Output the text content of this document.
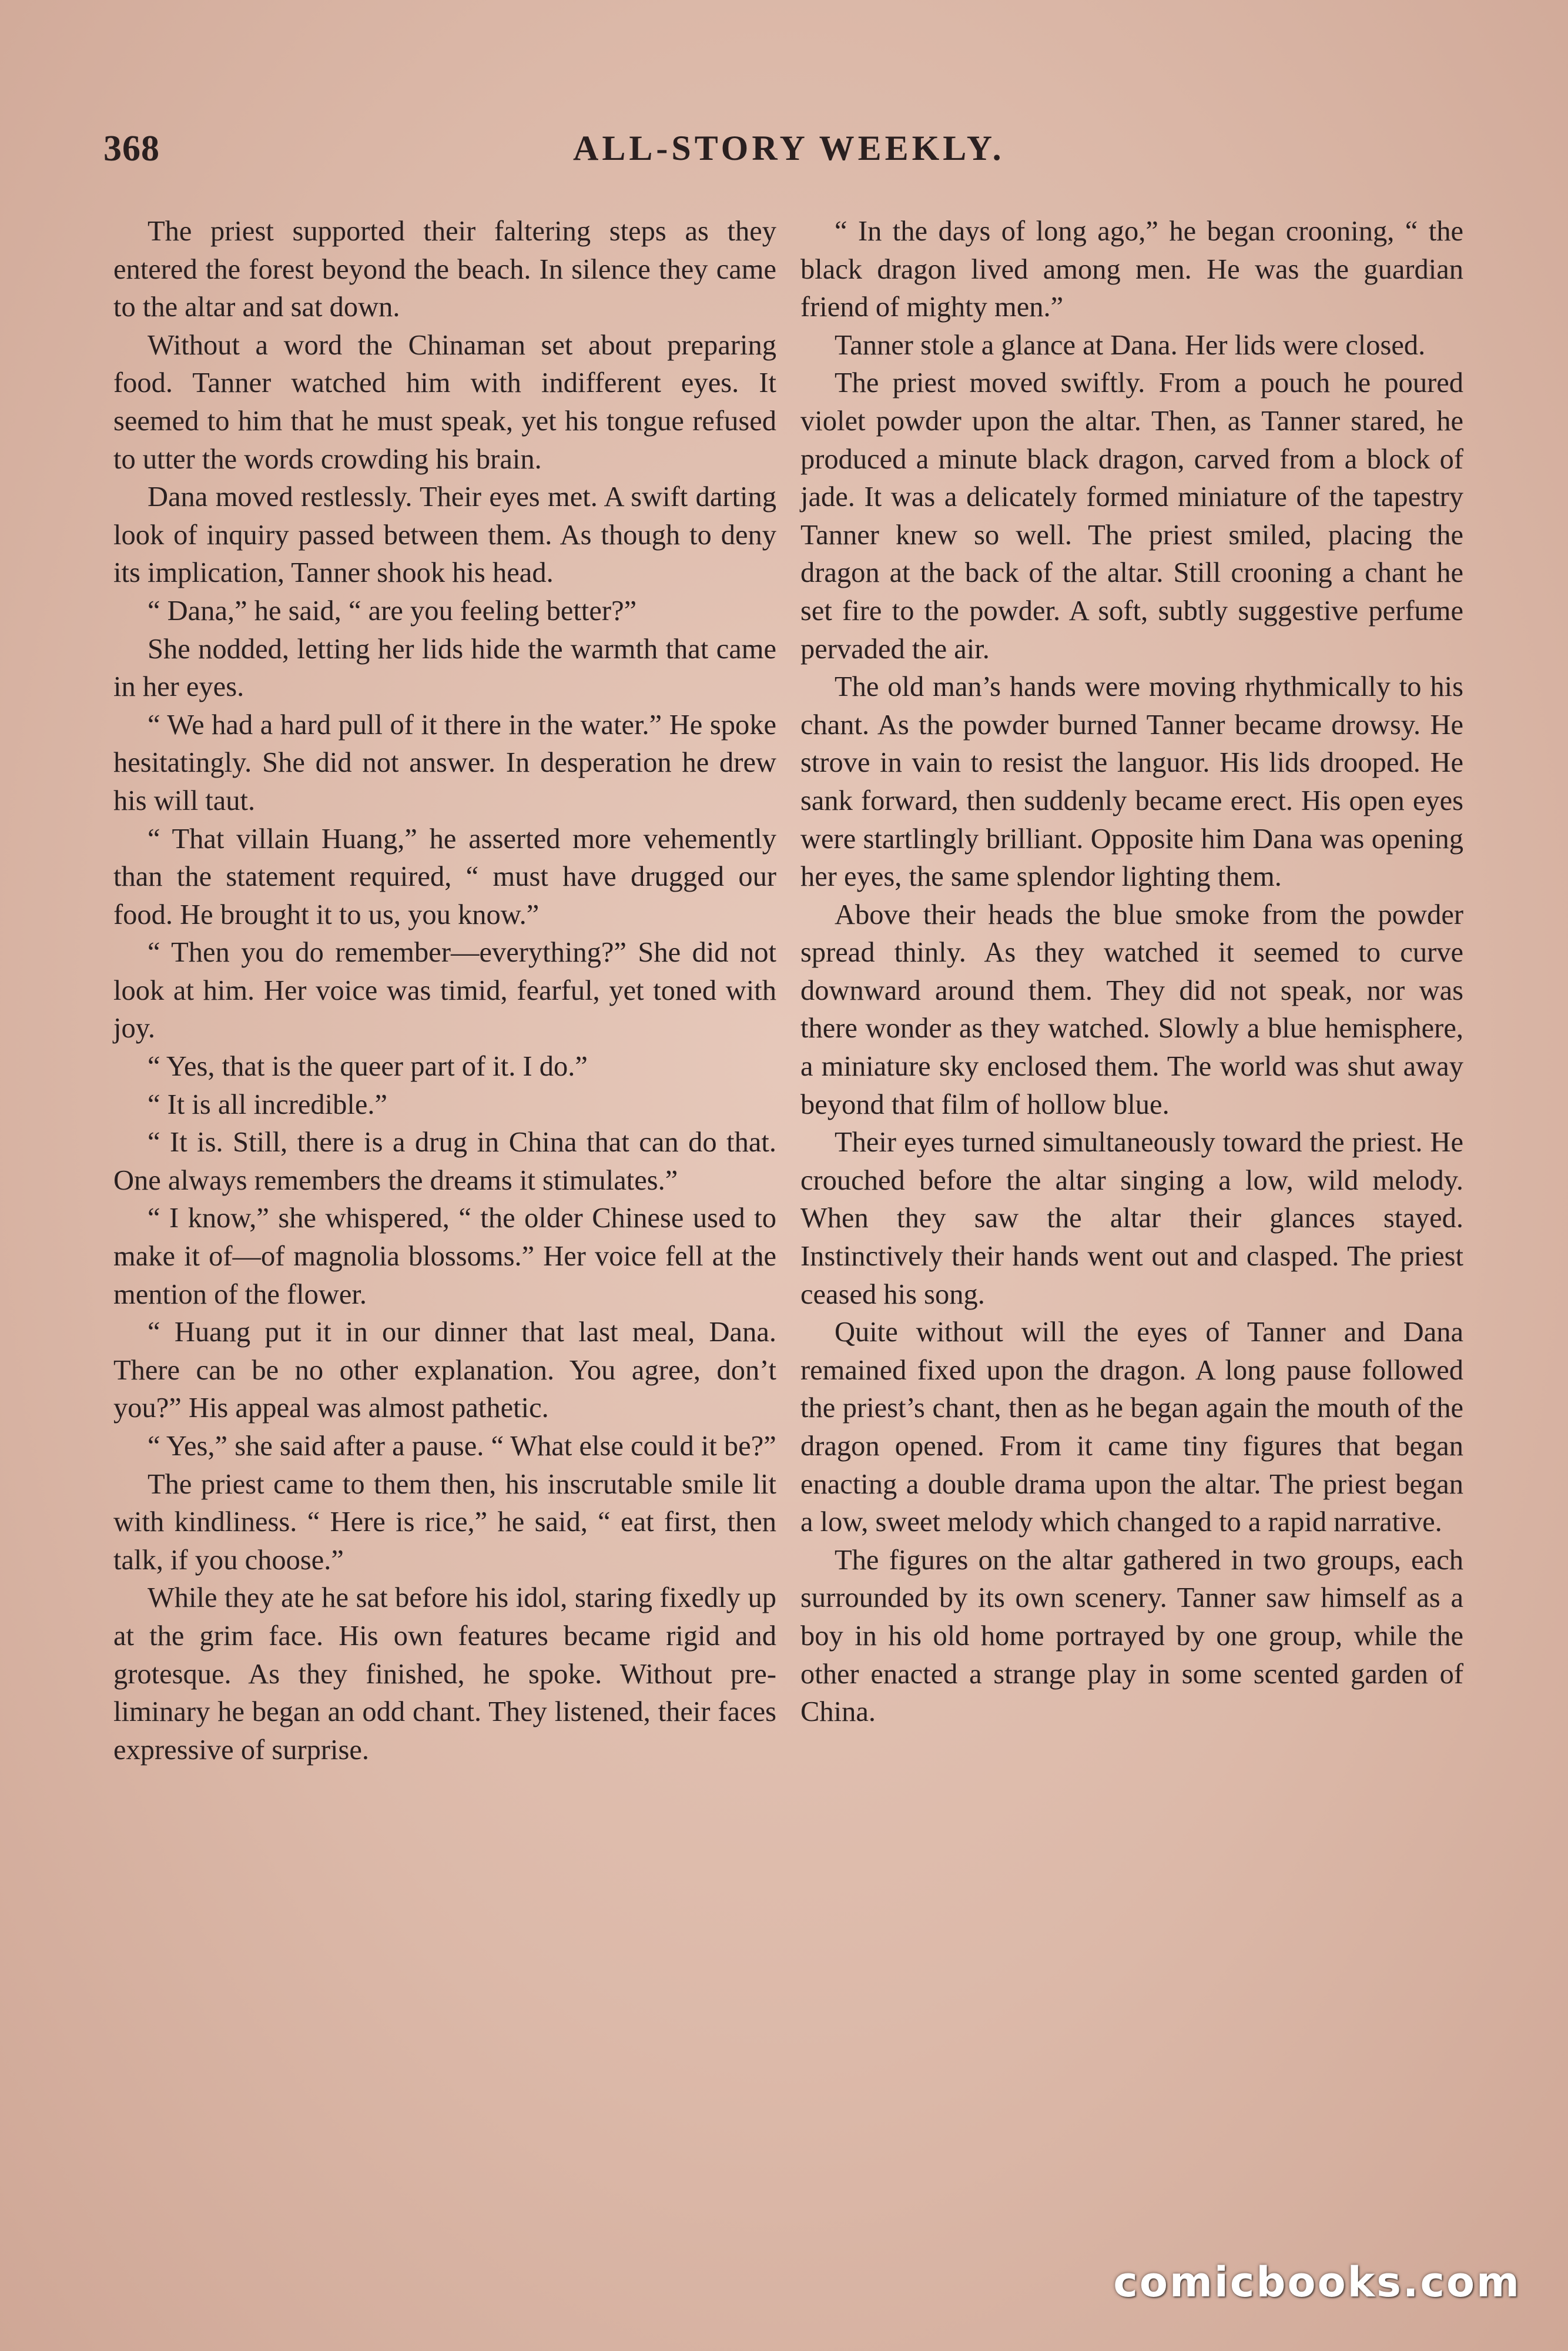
368	ALL-STORY WEEKLY.

The priest supported their faltering steps as they entered the forest beyond the beach. In silence they came to the altar and sat down.

Without a word the Chinaman set about preparing food. Tanner watched him with indifferent eyes. It seemed to him that he must speak, yet his tongue refused to utter the words crowding his brain.

Dana moved restlessly. Their eyes met. A swift darting look of inquiry passed between them. As though to deny its implication, Tanner shook his head.

“ Dana,” he said, “ are you feeling better?”

She nodded, letting her lids hide the warmth that came in her eyes.

“ We had a hard pull of it there in the water.” He spoke hesitatingly. She did not answer. In desperation he drew his will taut.

“ That villain Huang,” he asserted more vehemently than the statement required, “ must have drugged our food. He brought it to us, you know.”

“ Then you do remember—everything?” She did not look at him. Her voice was timid, fearful, yet toned with joy.

“ Yes, that is the queer part of it. I do.”

“ It is all incredible.”

“ It is. Still, there is a drug in China that can do that. One always remembers the dreams it stimulates.”

“ I know,” she whispered, “ the older Chinese used to make it of—of magnolia blossoms.” Her voice fell at the mention of the flower.

“ Huang put it in our dinner that last meal, Dana. There can be no other explanation. You agree, don’t you?” His appeal was almost pathetic.

“ Yes,” she said after a pause. “ What else could it be?”

The priest came to them then, his inscrutable smile lit with kindliness. “ Here is rice,” he said, “ eat first, then talk, if you choose.”

While they ate he sat before his idol, staring fixedly up at the grim face. His own features became rigid and grotesque. As they finished, he spoke. Without preliminary he began an odd chant. They listened, their faces expressive of surprise.

“ In the days of long ago,” he began crooning, “ the black dragon lived among men. He was the guardian friend of mighty men.”

Tanner stole a glance at Dana. Her lids were closed.

The priest moved swiftly. From a pouch he poured violet powder upon the altar. Then, as Tanner stared, he produced a minute black dragon, carved from a block of jade. It was a delicately formed miniature of the tapestry Tanner knew so well. The priest smiled, placing the dragon at the back of the altar. Still crooning a chant he set fire to the powder. A soft, subtly suggestive perfume pervaded the air.

The old man’s hands were moving rhythmically to his chant. As the powder burned Tanner became drowsy. He strove in vain to resist the languor. His lids drooped. He sank forward, then suddenly became erect. His open eyes were startlingly brilliant. Opposite him Dana was opening her eyes, the same splendor lighting them.

Above their heads the blue smoke from the powder spread thinly. As they watched it seemed to curve downward around them. They did not speak, nor was there wonder as they watched. Slowly a blue hemisphere, a miniature sky enclosed them. The world was shut away beyond that film of hollow blue.

Their eyes turned simultaneously toward the priest. He crouched before the altar singing a low, wild melody. When they saw the altar their glances stayed. Instinctively their hands went out and clasped. The priest ceased his song.

Quite without will the eyes of Tanner and Dana remained fixed upon the dragon. A long pause followed the priest’s chant, then as he began again the mouth of the dragon opened. From it came tiny figures that began enacting a double drama upon the altar. The priest began a low, sweet melody which changed to a rapid narrative.

The figures on the altar gathered in two groups, each surrounded by its own scenery. Tanner saw himself as a boy in his old home portrayed by one group, while the other enacted a strange play in some scented garden of China.

comicbooks.com
